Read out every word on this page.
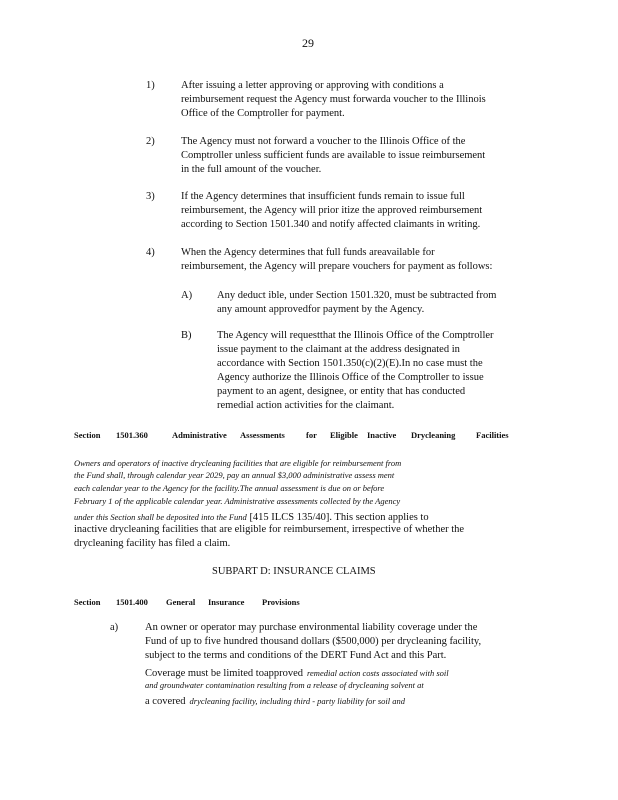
29
1)	After issuing a letter approving or approving with conditions a
reimbursement request the Agency must forwarda voucher to the Illinois
Office of the Comptroller for payment.
2)	The Agency must not forward a voucher to the Illinois Office of the
Comptroller unless sufficient funds are available to issue reimbursement
in the full amount of the voucher.
3)	If the Agency determines that insufficient funds remain to issue full
reimbursement, the Agency will prior itize the approved reimbursement
according to Section 1501.340 and notify affected claimants in writing.
4)	When the Agency determines that full funds areavailable for
reimbursement, the Agency will prepare vouchers for payment as follows:
A) Any deduct ible, under Section 1501.320, must be subtracted from
any amount approvedfor payment by the Agency.
B) The Agency will requestthat the Illinois Office of the Comptroller
issue payment to the claimant at the address designated in
accordance with Section 1501.350(c)(2)(E).In no case must the
Agency authorize the Illinois Office of the Comptroller to issue
payment to an agent, designee, or entity that has conducted
remedial action activities for the claimant.
Section 1501.360	Administrative Assessments for Eligible Inactive Drycleaning Facilities
Owners and operators of inactive drycleaning facilities that are eligible for reimbursement from
the Fund shall, through calendar year 2029, pay an annual $3,000 administrative assess ment
each calendar year to the Agency for the facility.The annual assessment is due on or before
February 1 of the applicable calendar year. Administrative assessments collected by the Agency
under this Section shall be deposited into the Fund [415 ILCS 135/40]. This section applies to
inactive drycleaning facilities that are eligible for reimbursement, irrespective of whether the
drycleaning facility has filed a claim.
SUBPART D: INSURANCE CLAIMS
Section 1501.400 General Insurance Provisions
a)	An owner or operator may purchase environmental liability coverage under the
Fund of up to five hundred thousand dollars ($500,000) per drycleaning facility,
subject to the terms and conditions of the DERT Fund Act and this Part.
Coverage must be limited toapproved remedial action costs associated with soil
and groundwater contamination resulting from a release of drycleaning solvent at
a covered drycleaning facility, including third - party liability for soil and
